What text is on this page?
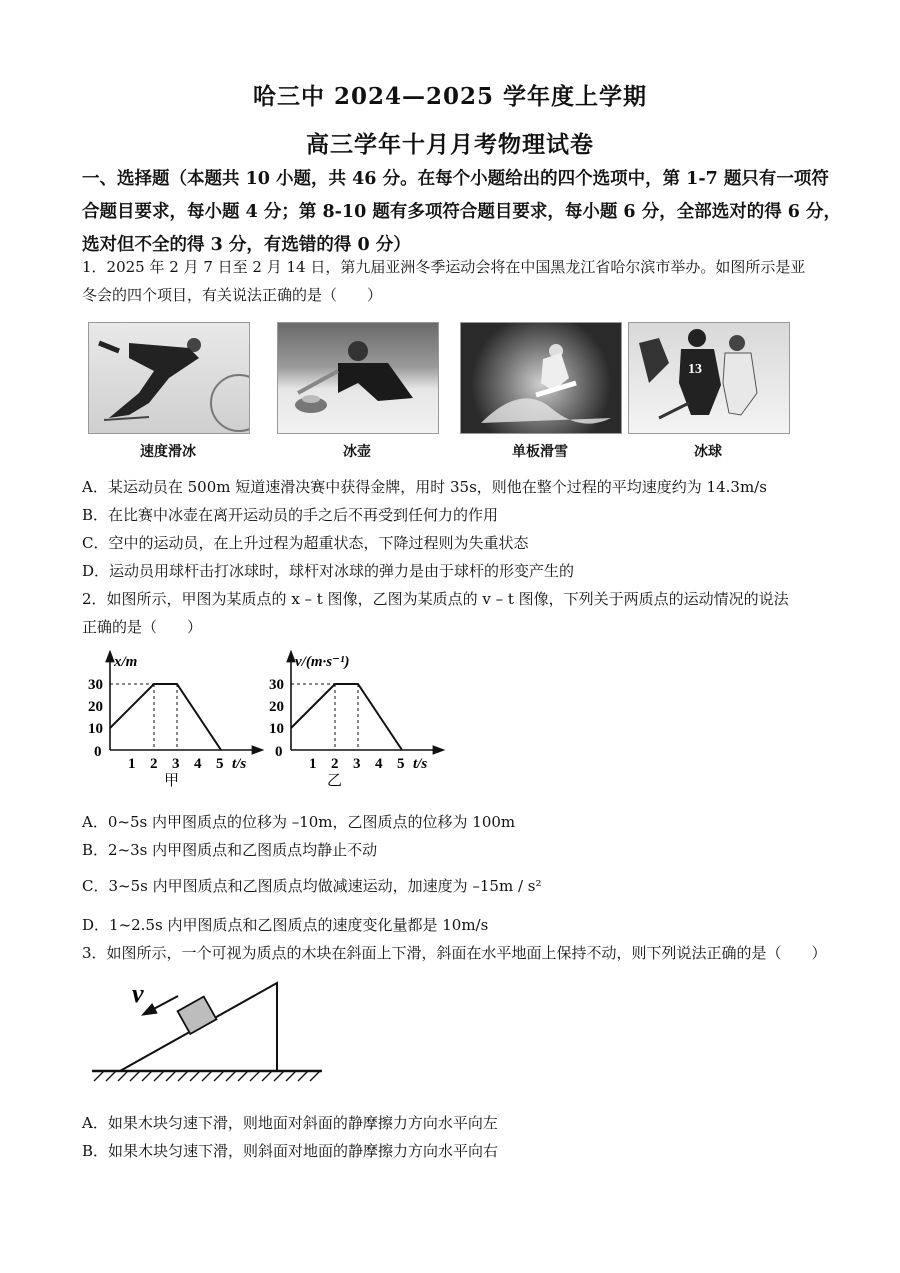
哈三中 2024—2025 学年度上学期
高三学年十月月考物理试卷
一、选择题（本题共 10 小题，共 46 分。在每个小题给出的四个选项中，第 1-7 题只有一项符
合题目要求，每小题 4 分；第 8-10 题有多项符合题目要求，每小题 6 分，全部选对的得 6 分，
选对但不全的得 3 分，有选错的得 0 分）
1．2025 年 2 月 7 日至 2 月 14 日，第九届亚洲冬季运动会将在中国黑龙江省哈尔滨市举办。如图所示是亚
冬会的四个项目，有关说法正确的是（　　）
13
速度滑冰	冰壶	单板滑雪	冰球
A．某运动员在 500m 短道速滑决赛中获得金牌，用时 35s，则他在整个过程的平均速度约为 14.3m/s
B．在比赛中冰壶在离开运动员的手之后不再受到任何力的作用
C．空中的运动员，在上升过程为超重状态，下降过程则为失重状态
D．运动员用球杆击打冰球时，球杆对冰球的弹力是由于球杆的形变产生的
2．如图所示，甲图为某质点的 x – t 图像，乙图为某质点的 v – t 图像，下列关于两质点的运动情况的说法
正确的是（　　）
x/m
t/s
10
20
30
0
1 2 3 4 5
甲
v/(m·s⁻¹)
t/s
10
20
30
0
1 2 3 4 5
乙
A．0~5s 内甲图质点的位移为 –10m，乙图质点的位移为 100m
B．2~3s 内甲图质点和乙图质点均静止不动
C．3~5s 内甲图质点和乙图质点均做减速运动，加速度为 –15m / s²
D．1~2.5s 内甲图质点和乙图质点的速度变化量都是 10m/s
3．如图所示，一个可视为质点的木块在斜面上下滑，斜面在水平地面上保持不动，则下列说法正确的是（　　）
v
A．如果木块匀速下滑，则地面对斜面的静摩擦力方向水平向左
B．如果木块匀速下滑，则斜面对地面的静摩擦力方向水平向右
